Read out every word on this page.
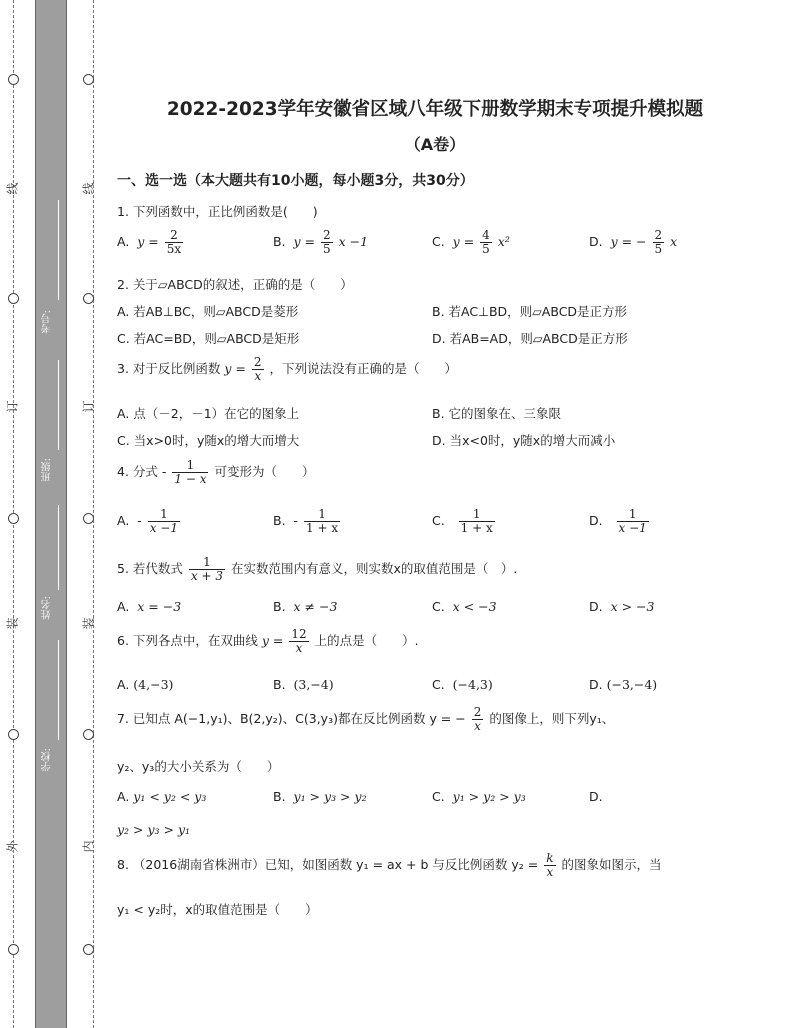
线
订
装
外
线
订
装
内
考号:
班级:
姓名:
学校:
2022-2023学年安徽省区域八年级下册数学期末专项提升模拟题
（A卷）
一、选一选（本大题共有10小题，每小题3分，共30分）
1. 下列函数中，正比例函数是(　　)
A. $y = \frac{2}{5x}$	B. $y = \frac{2}{5}$ x −1	C. $y = \frac{4}{5} x^2$	D. y = − $\frac{2}{5}$ x
2. 关于▱ABCD的叙述，正确的是（　　）
A. 若AB⊥BC，则▱ABCD是菱形	B. 若AC⊥BD，则▱ABCD是正方形
C. 若AC=BD，则▱ABCD是矩形	D. 若AB=AD，则▱ABCD是正方形
3. 对于反比例函数 $y = \frac{2}{x}$ ，下列说法没有正确的是（　　）
A. 点（－2，－1）在它的图象上	B. 它的图象在、三象限
C. 当x>0时，y随x的增大而增大	D. 当x<0时，y随x的增大而减小
4. 分式 - $\frac{1}{1 - x}$ 可变形为（　　）
A. - $\frac{1}{x -1}$	B. - $\frac{1}{1 + x}$	C. $\frac{1}{1 + x}$	D. $\frac{1}{x -1}$
5. 若代数式 $\frac{1}{x + 3}$ 在实数范围内有意义，则实数x的取值范围是（　）.
A. x = −3	B. x ≠ −3	C. x < −3	D. x > −3
6. 下列各点中，在双曲线 $y = \frac{12}{x}$ 上的点是（　　）.
A. (4,−3)	B. (3,−4)	C. (−4,3)	D. (−3,−4)
7. 已知点 A(−1,y₁)、B(2,y₂)、C(3,y₃)都在反比例函数 y = − $\frac{2}{x}$ 的图像上，则下列y₁、
y₂、y₃的大小关系为（　　）
A. y₁ < y₂ < y₃	B. y₁ > y₃ > y₂	C. y₁ > y₂ > y₃	D.
y₂ > y₃ > y₁
8. （2016湖南省株洲市）已知，如图函数 y₁ = ax + b 与反比例函数 $y_2 = \frac{k}{x}$ 的图象如图示，当
y₁ < y₂时，x的取值范围是（　　）
